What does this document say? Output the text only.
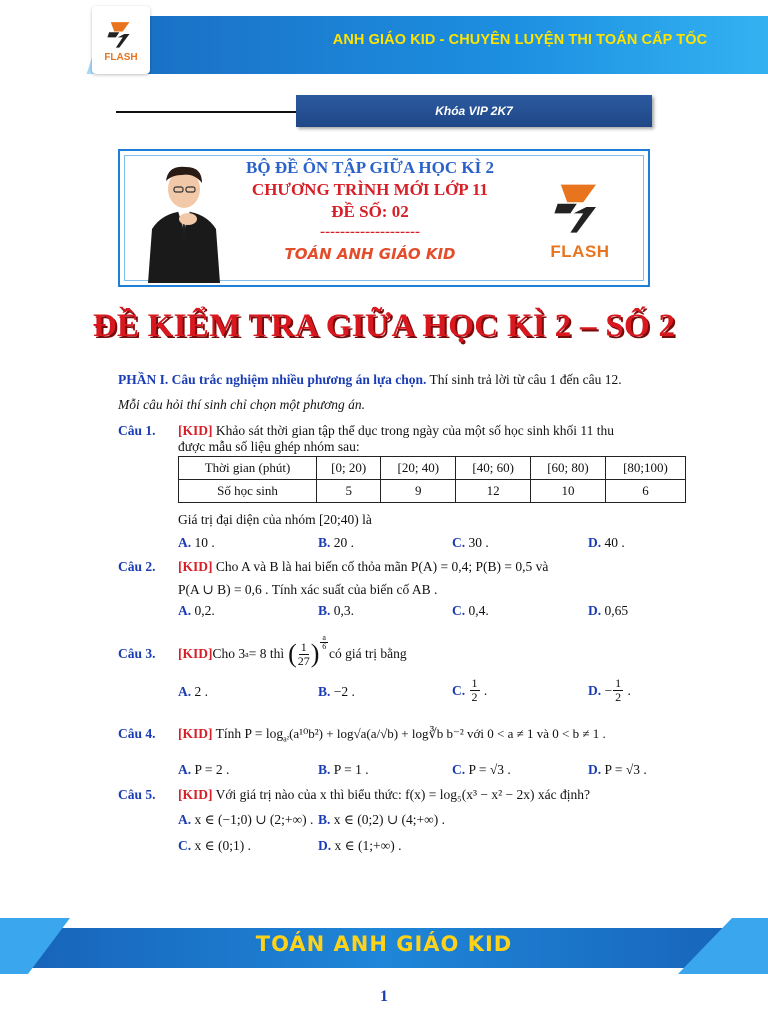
FLASH
ANH GIÁO KID - CHUYÊN LUYỆN THI TOÁN CẤP TỐC
Khóa VIP 2K7
BỘ ĐỀ ÔN TẬP GIỮA HỌC KÌ 2
CHƯƠNG TRÌNH MỚI LỚP 11
ĐỀ SỐ: 02
--------------------
TOÁN ANH GIÁO KID	FLASH
ĐỀ KIỂM TRA GIỮA HỌC KÌ 2 – SỐ 2
PHẦN I. Câu trắc nghiệm nhiều phương án lựa chọn. Thí sinh trả lời từ câu 1 đến câu 12.
Mỗi câu hỏi thí sinh chỉ chọn một phương án.
Câu 1. [KID] Khảo sát thời gian tập thể dục trong ngày của một số học sinh khối 11 thu
được mẫu số liệu ghép nhóm sau:
Thời gian (phút)	[0; 20)	[20; 40)	[40; 60)	[60; 80)	[80;100)
Số học sinh	5	9	12	10	6
Giá trị đại diện của nhóm [20;40) là
A. 10 .	B. 20 .	C. 30 .	D. 40 .
Câu 2. [KID] Cho A và B là hai biến cố thỏa mãn P(A) = 0,4; P(B) = 0,5 và
P(A ∪ B) = 0,6 . Tính xác suất của biến cố AB .
A. 0,2.	B. 0,3.	C. 0,4.	D. 0,65
Câu 3. [KID] Cho 3 a = 8 thì ( $\frac{1}{27}$ ) $\frac{a}{6}$
có giá trị bằng
A. 2 .	B. −2 .	C. $\frac{1}{2}$ .	D. − $\frac{1}{2}$ .
Câu 4. [KID] Tính $P = \log_{a^2}(a^{10}b^2) + \log√a(a/√b)$ + log∛b b⁻² với 0 < a ≠ 1 và 0 < b ≠ 1 .
A. P = 2 .	B. P = 1 .	C. P = √3 .	D. P = √3 .
Câu 5. [KID] Với giá trị nào của x thì biểu thức: f(x) = log₅(x³ − x² − 2x) xác định?
A. x ∈ (−1;0) ∪ (2;+∞) . B. x ∈ (0;2) ∪ (4;+∞) .
C. x ∈ (0;1) .	D. x ∈ (1;+∞) .
TOÁN ANH GIÁO KID
1
